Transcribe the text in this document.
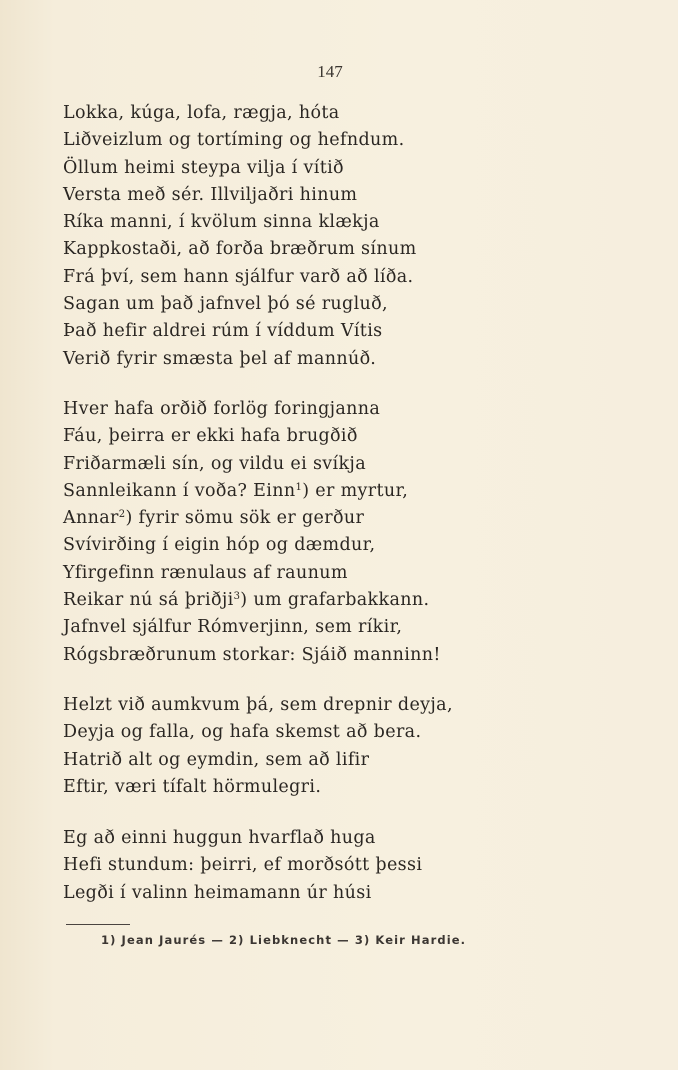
147
Lokka, kúga, lofa, rægja, hóta
Liðveizlum og tortíming og hefndum.
Öllum heimi steypa vilja í vítið
Versta með sér. Illviljaðri hinum
Ríka manni, í kvölum sinna klækja
Kappkostaði, að forða bræðrum sínum
Frá því, sem hann sjálfur varð að líða.
Sagan um það jafnvel þó sé rugluð,
Það hefir aldrei rúm í víddum Vítis
Verið fyrir smæsta þel af mannúð.
Hver hafa orðið forlög foringjanna
Fáu, þeirra er ekki hafa brugðið
Friðarmæli sín, og vildu ei svíkja
Sannleikann í voða? Einn$^1$) er myrtur,
Annar$^2$) fyrir sömu sök er gerður
Svívirðing í eigin hóp og dæmdur,
Yfirgefinn rænulaus af raunum
Reikar nú sá þriðji$^3$) um grafarbakkann.
Jafnvel sjálfur Rómverjinn, sem ríkir,
Rógsbræðrunum storkar: Sjáið manninn!
Helzt við aumkvum þá, sem drepnir deyja,
Deyja og falla, og hafa skemst að bera.
Hatrið alt og eymdin, sem að lifir
Eftir, væri tífalt hörmulegri.
Eg að einni huggun hvarflað huga
Hefi stundum: þeirri, ef morðsótt þessi
Legði í valinn heimamann úr húsi
1) Jean Jaurés — 2) Liebknecht — 3) Keir Hardie.
